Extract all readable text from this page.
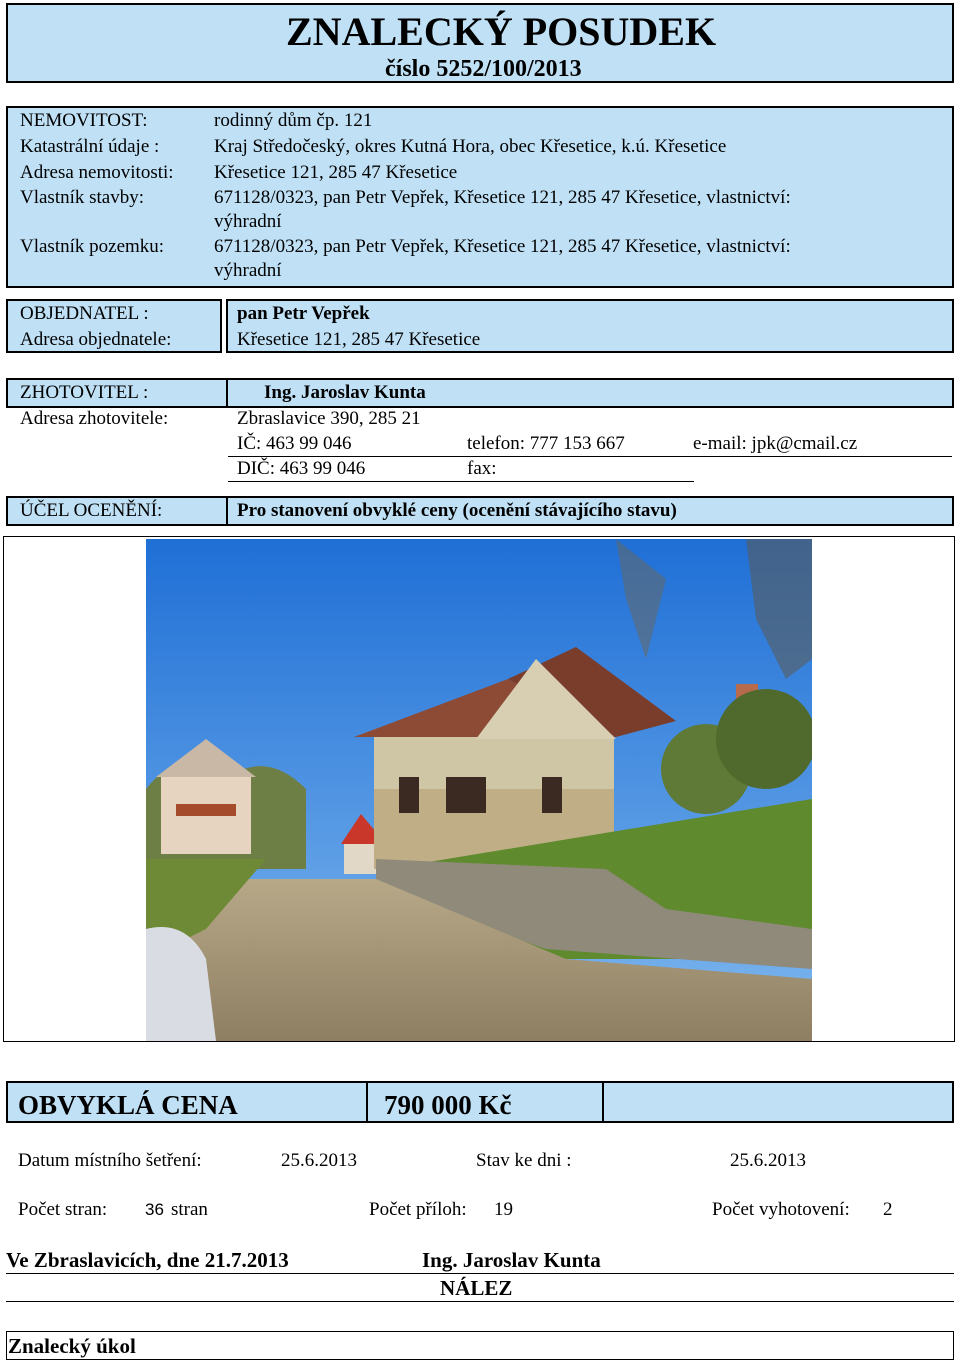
ZNALECKÝ POSUDEK
číslo 5252/100/2013
NEMOVITOST:	rodinný dům čp. 121
Katastrální údaje :	Kraj Středočeský, okres Kutná Hora, obec Křesetice, k.ú. Křesetice
Adresa nemovitosti: Křesetice 121, 285 47 Křesetice
Vlastník stavby:	671128/0323, pan Petr Vepřek, Křesetice 121, 285 47 Křesetice, vlastnictví:
výhradní
Vlastník pozemku:	671128/0323, pan Petr Vepřek, Křesetice 121, 285 47 Křesetice, vlastnictví:
výhradní
OBJEDNATEL :	pan Petr Vepřek
Adresa objednatele:	Křesetice 121, 285 47 Křesetice
ZHOTOVITEL :	Ing. Jaroslav Kunta
Adresa zhotovitele:	Zbraslavice 390, 285 21
IČ: 463 99 046	telefon: 777 153 667	e-mail: jpk@cmail.cz
DIČ: 463 99 046	fax:
ÚČEL OCENĚNÍ:	Pro stanovení obvyklé ceny (ocenění stávajícího stavu)
OBVYKLÁ CENA	790 000 Kč
Datum místního šetření:	25.6.2013	Stav ke dni :	25.6.2013
Počet stran: 36 stran	Počet příloh: 19	Počet vyhotovení: 2
Ve Zbraslavicích, dne 21.7.2013	Ing. Jaroslav Kunta
NÁLEZ
Znalecký úkol
